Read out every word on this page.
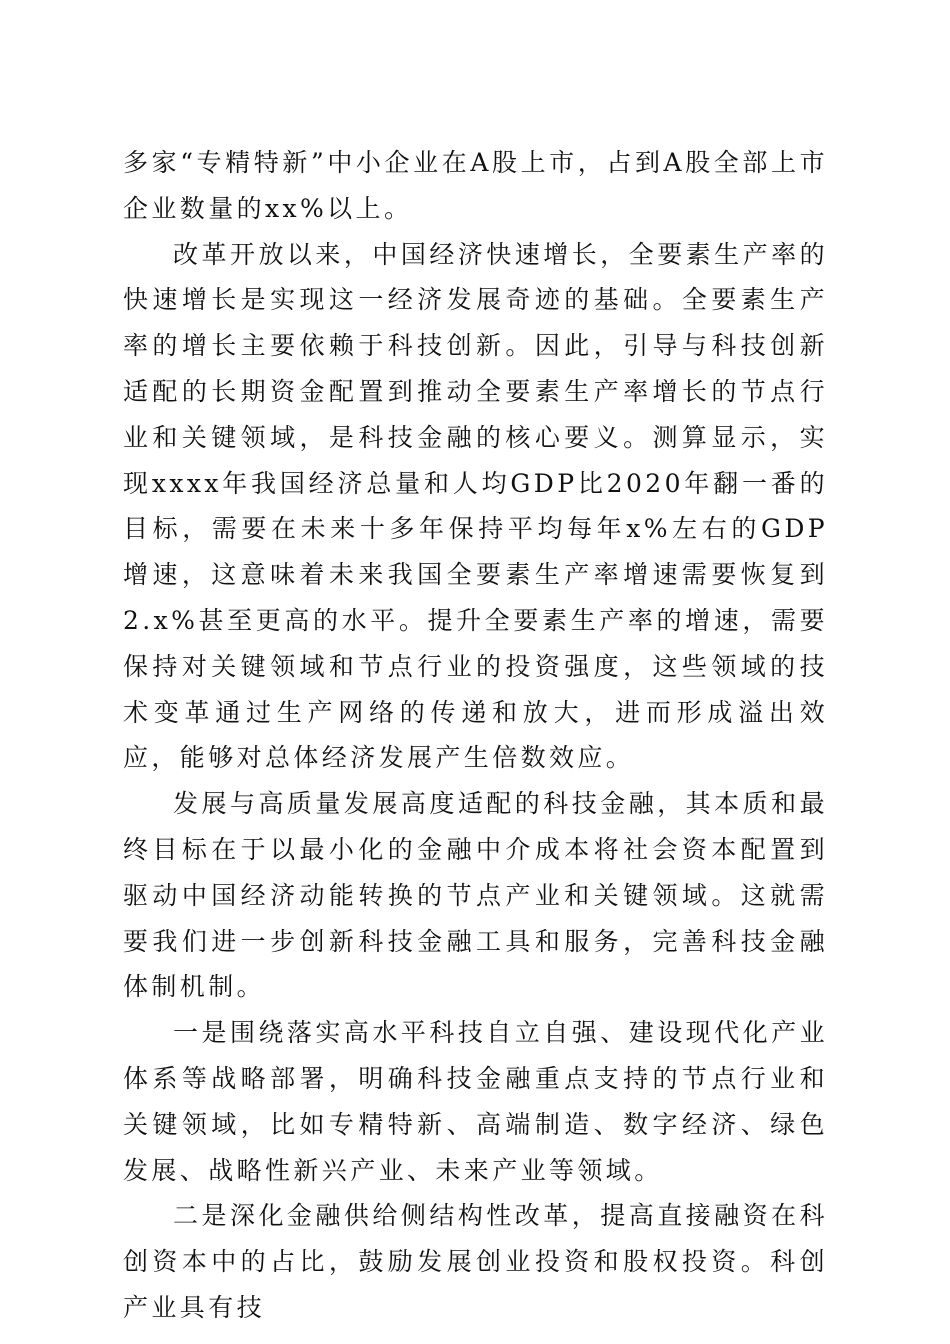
多家“专精特新”中小企业在A股上市，占到A股全部上市企业数量的xx%以上。

改革开放以来，中国经济快速增长，全要素生产率的快速增长是实现这一经济发展奇迹的基础。全要素生产率的增长主要依赖于科技创新。因此，引导与科技创新适配的长期资金配置到推动全要素生产率增长的节点行业和关键领域，是科技金融的核心要义。测算显示，实现xxxx年我国经济总量和人均GDP比2020年翻一番的目标，需要在未来十多年保持平均每年x%左右的GDP增速，这意味着未来我国全要素生产率增速需要恢复到2.x%甚至更高的水平。提升全要素生产率的增速，需要保持对关键领域和节点行业的投资强度，这些领域的技术变革通过生产网络的传递和放大，进而形成溢出效应，能够对总体经济发展产生倍数效应。

发展与高质量发展高度适配的科技金融，其本质和最终目标在于以最小化的金融中介成本将社会资本配置到驱动中国经济动能转换的节点产业和关键领域。这就需要我们进一步创新科技金融工具和服务，完善科技金融体制机制。

一是围绕落实高水平科技自立自强、建设现代化产业体系等战略部署，明确科技金融重点支持的节点行业和关键领域，比如专精特新、高端制造、数字经济、绿色发展、战略性新兴产业、未来产业等领域。

二是深化金融供给侧结构性改革，提高直接融资在科创资本中的占比，鼓励发展创业投资和股权投资。科创产业具有技
